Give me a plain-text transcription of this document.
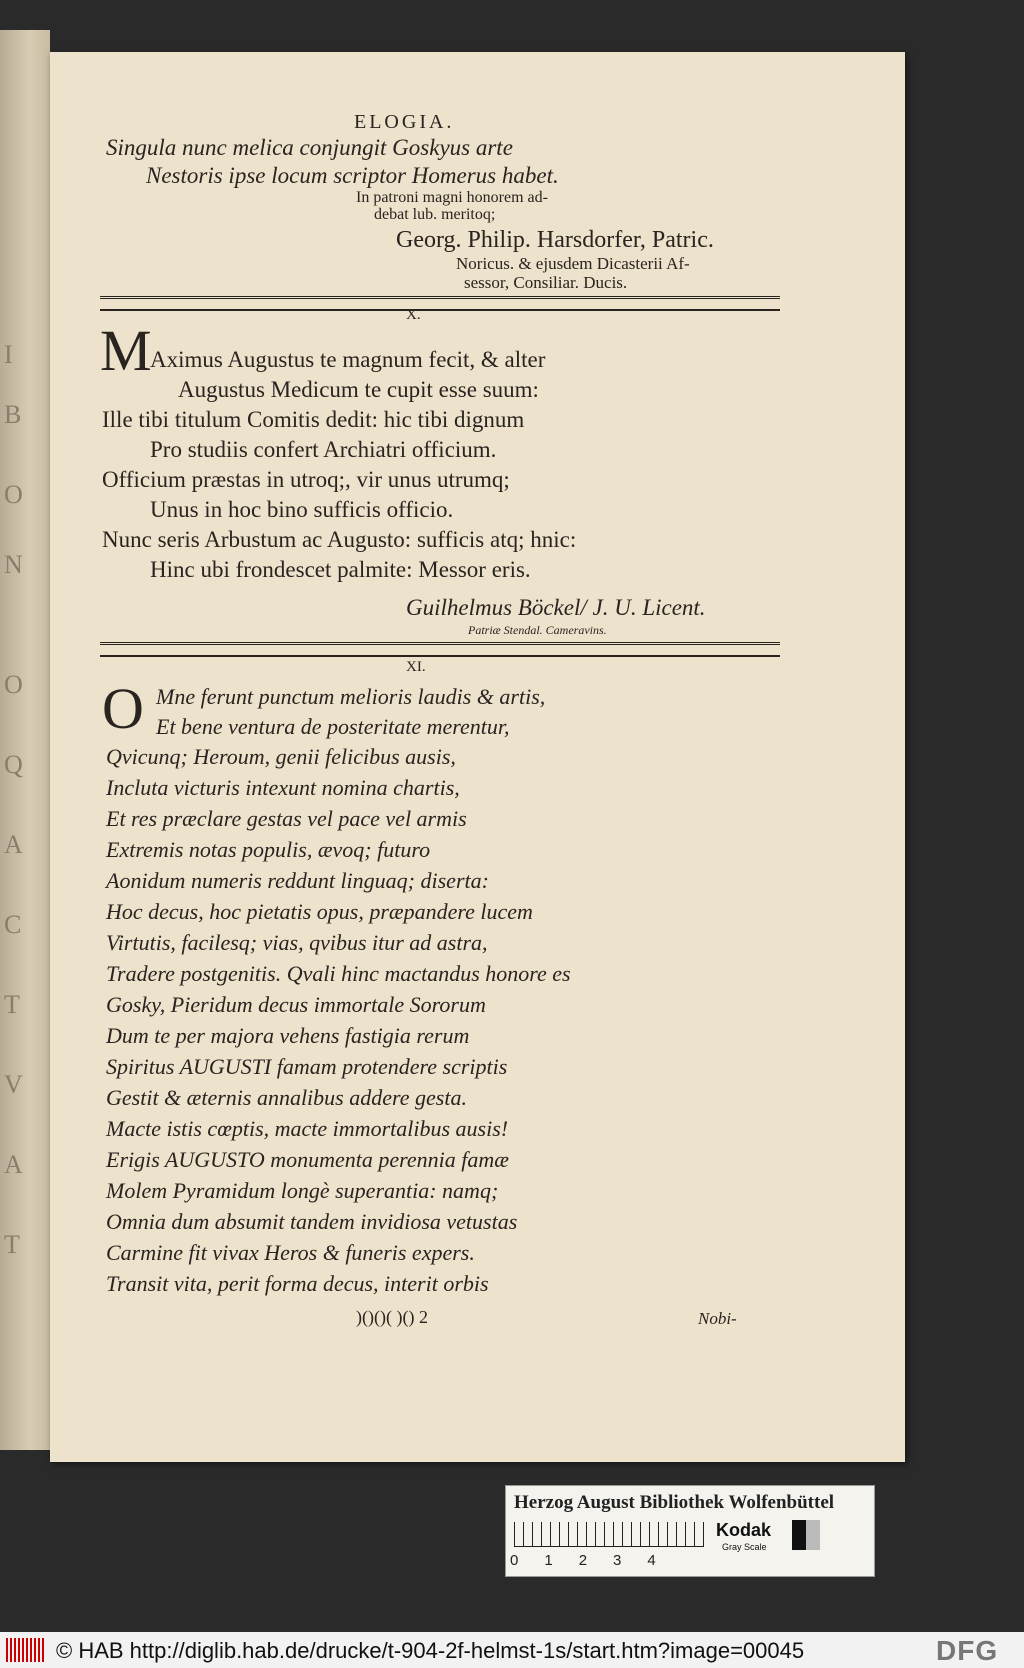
I
B
O
N
O
Q
A
C
T
V
A
T
ELOGIA.
Singula nunc melica conjungit Goskyus arte
Nestoris ipse locum scriptor Homerus habet.
In patroni magni honorem ad-
debat lub. meritoq;
Georg. Philip. Harsdorfer, Patric.
Noricus. & ejusdem Dicasterii Af-
sessor, Consiliar. Ducis.
X.
M
Aximus Augustus te magnum fecit, & alter
Augustus Medicum te cupit esse suum:
Ille tibi titulum Comitis dedit: hic tibi dignum
Pro studiis confert Archiatri officium.
Officium præstas in utroq;, vir unus utrumq;
Unus in hoc bino sufficis officio.
Nunc seris Arbustum ac Augusto: sufficis atq; hnic:
Hinc ubi frondescet palmite: Messor eris.
Guilhelmus Böckel/ J. U. Licent.
Patriæ Stendal. Cameravins.
XI.
O Mne ferunt punctum melioris laudis & artis,
Et bene ventura de posteritate merentur,
Qvicunq; Heroum, genii felicibus ausis,
Incluta victuris intexunt nomina chartis,
Et res præclare gestas vel pace vel armis
Extremis notas populis, ævoq; futuro
Aonidum numeris reddunt linguaq; diserta:
Hoc decus, hoc pietatis opus, præpandere lucem
Virtutis, facilesq; vias, qvibus itur ad astra,
Tradere postgenitis. Qvali hinc mactandus honore es
Gosky, Pieridum decus immortale Sororum
Dum te per majora vehens fastigia rerum
Spiritus AUGUSTI famam protendere scriptis
Gestit & æternis annalibus addere gesta.
Macte istis cœptis, macte immortalibus ausis!
Erigis AUGUSTO monumenta perennia famæ
Molem Pyramidum longè superantia: namq;
Omnia dum absumit tandem invidiosa vetustas
Carmine fit vivax Heros & funeris expers.
Transit vita, perit forma decus, interit orbis
)()()( )() 2	Nobi-
Herzog August Bibliothek Wolfenbüttel
01234
Kodak
Gray Scale
© HAB http://diglib.hab.de/drucke/t-904-2f-helmst-1s/start.htm?image=00045	DFG
